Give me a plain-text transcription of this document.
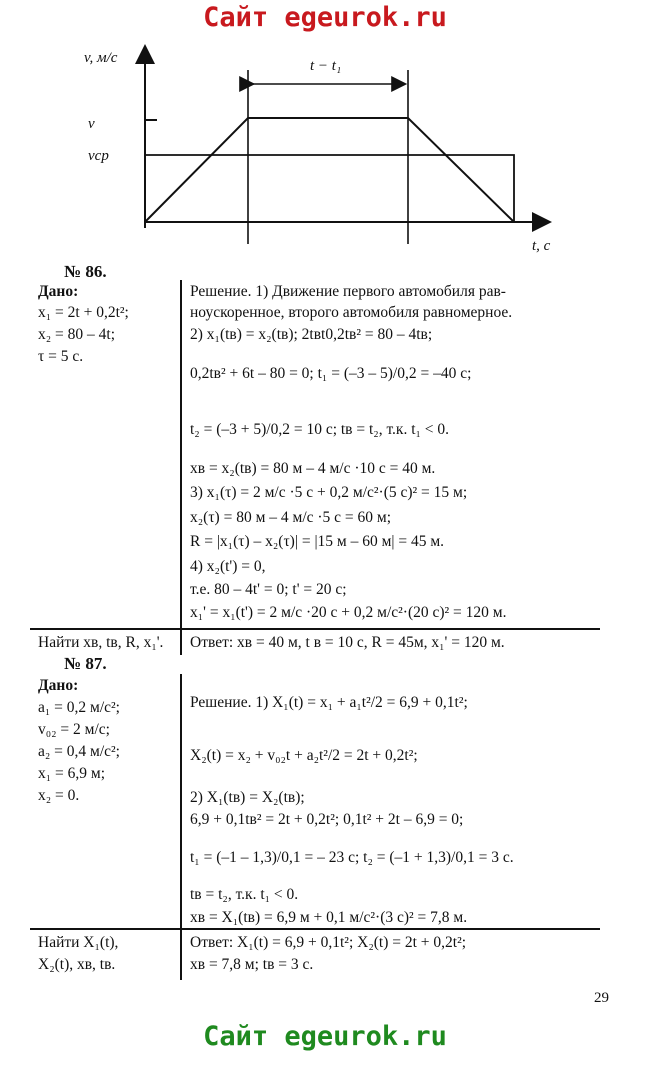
Сайт egeurok.ru
v, м/с
t, c
t − t₁
v
vср
№ 86.
Дано:
x₁ = 2t + 0,2t²;
x₂ = 80 – 4t;
τ = 5 с.
Решение. 1) Движение первого автомобиля рав-
ноускоренное, второго автомобиля равномерное.
2) x₁(tв) = x₂(tв); 2tвt0,2tв² = 80 – 4tв;
0,2tв² + 6t – 80 = 0; t₁ = (–3 – 5)/0,2 = –40 с;
t₂ = (–3 + 5)/0,2 = 10 с; tв = t₂, т.к. t₁ < 0.
xв = x₂(tв) = 80 м – 4 м/с ·10 с = 40 м.
3) x₁(τ) = 2 м/с ·5 с + 0,2 м/с²·(5 с)² = 15 м;
x₂(τ) = 80 м – 4 м/с ·5 с = 60 м;
R = |x₁(τ) – x₂(τ)| = |15 м – 60 м| = 45 м.
4) x₂(t') = 0,
т.е. 80 – 4t' = 0; t' = 20 с;
x₁' = x₁(t') = 2 м/с ·20 с + 0,2 м/с²·(20 с)² = 120 м.
Найти xв, tв, R, x₁'. Ответ: xв = 40 м, t в = 10 с, R = 45м, x₁' = 120 м.
№ 87.
Дано:
a₁ = 0,2 м/с²;
v₀₂ = 2 м/с;
a₂ = 0,4 м/с²;
x₁ = 6,9 м;
x₂ = 0.
Решение. 1) X₁(t) = x₁ + a₁t²/2 = 6,9 + 0,1t²;
X₂(t) = x₂ + v₀₂t + a₂t²/2 = 2t + 0,2t²;
2) X₁(tв) = X₂(tв);
6,9 + 0,1tв² = 2t + 0,2t²; 0,1t² + 2t – 6,9 = 0;
t₁ = (–1 – 1,3)/0,1 = – 23 с; t₂ = (–1 + 1,3)/0,1 = 3 с.
tв = t₂, т.к. t₁ < 0.
xв = X₁(tв) = 6,9 м + 0,1 м/с²·(3 с)² = 7,8 м.
Найти X₁(t),
X₂(t), xв, tв.
Ответ: X₁(t) = 6,9 + 0,1t²; X₂(t) = 2t + 0,2t²;
xв = 7,8 м; tв = 3 с.
29
Сайт egeurok.ru
